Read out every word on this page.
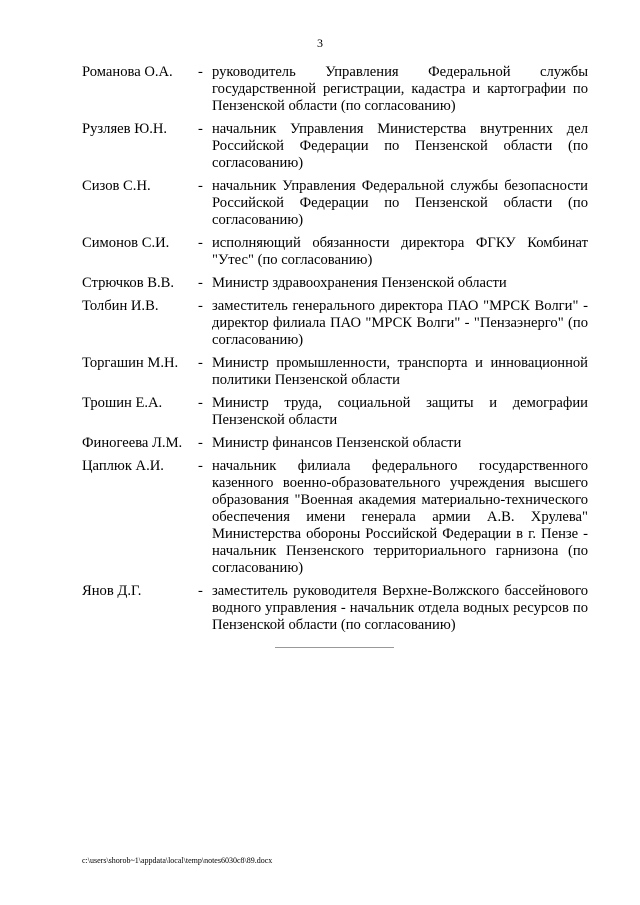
3
Романова О.А.	- руководитель Управления Федеральной службы государственной регистрации, кадастра и картографии по Пензенской области (по согласованию)
Рузляев Ю.Н.	- начальник Управления Министерства внутренних дел Российской Федерации по Пензенской области (по согласованию)
Сизов С.Н.	- начальник Управления Федеральной службы безопасности Российской Федерации по Пензенской области (по согласованию)
Симонов С.И.	- исполняющий обязанности директора ФГКУ Комбинат "Утес" (по согласованию)
Стрючков В.В.	- Министр здравоохранения Пензенской области
Толбин И.В.	- заместитель генерального директора ПАО "МРСК Волги" - директор филиала ПАО "МРСК Волги" - "Пензаэнерго" (по согласованию)
Торгашин М.Н.	- Министр промышленности, транспорта и инновационной политики Пензенской области
Трошин Е.А.	- Министр труда, социальной защиты и демографии Пензенской области
Финогеева Л.М.	- Министр финансов Пензенской области
Цаплюк А.И.	- начальник филиала федерального государственного казенного военно-образовательного учреждения высшего образования "Военная академия материально-технического обеспечения имени генерала армии А.В. Хрулева" Министерства обороны Российской Федерации в г. Пензе - начальник Пензенского территориального гарнизона (по согласованию)
Янов Д.Г.	- заместитель руководителя Верхне-Волжского бассейнового водного управления - начальник отдела водных ресурсов по Пензенской области (по согласованию)
c:\users\shorob~1\appdata\local\temp\notes6030c8\89.docx
